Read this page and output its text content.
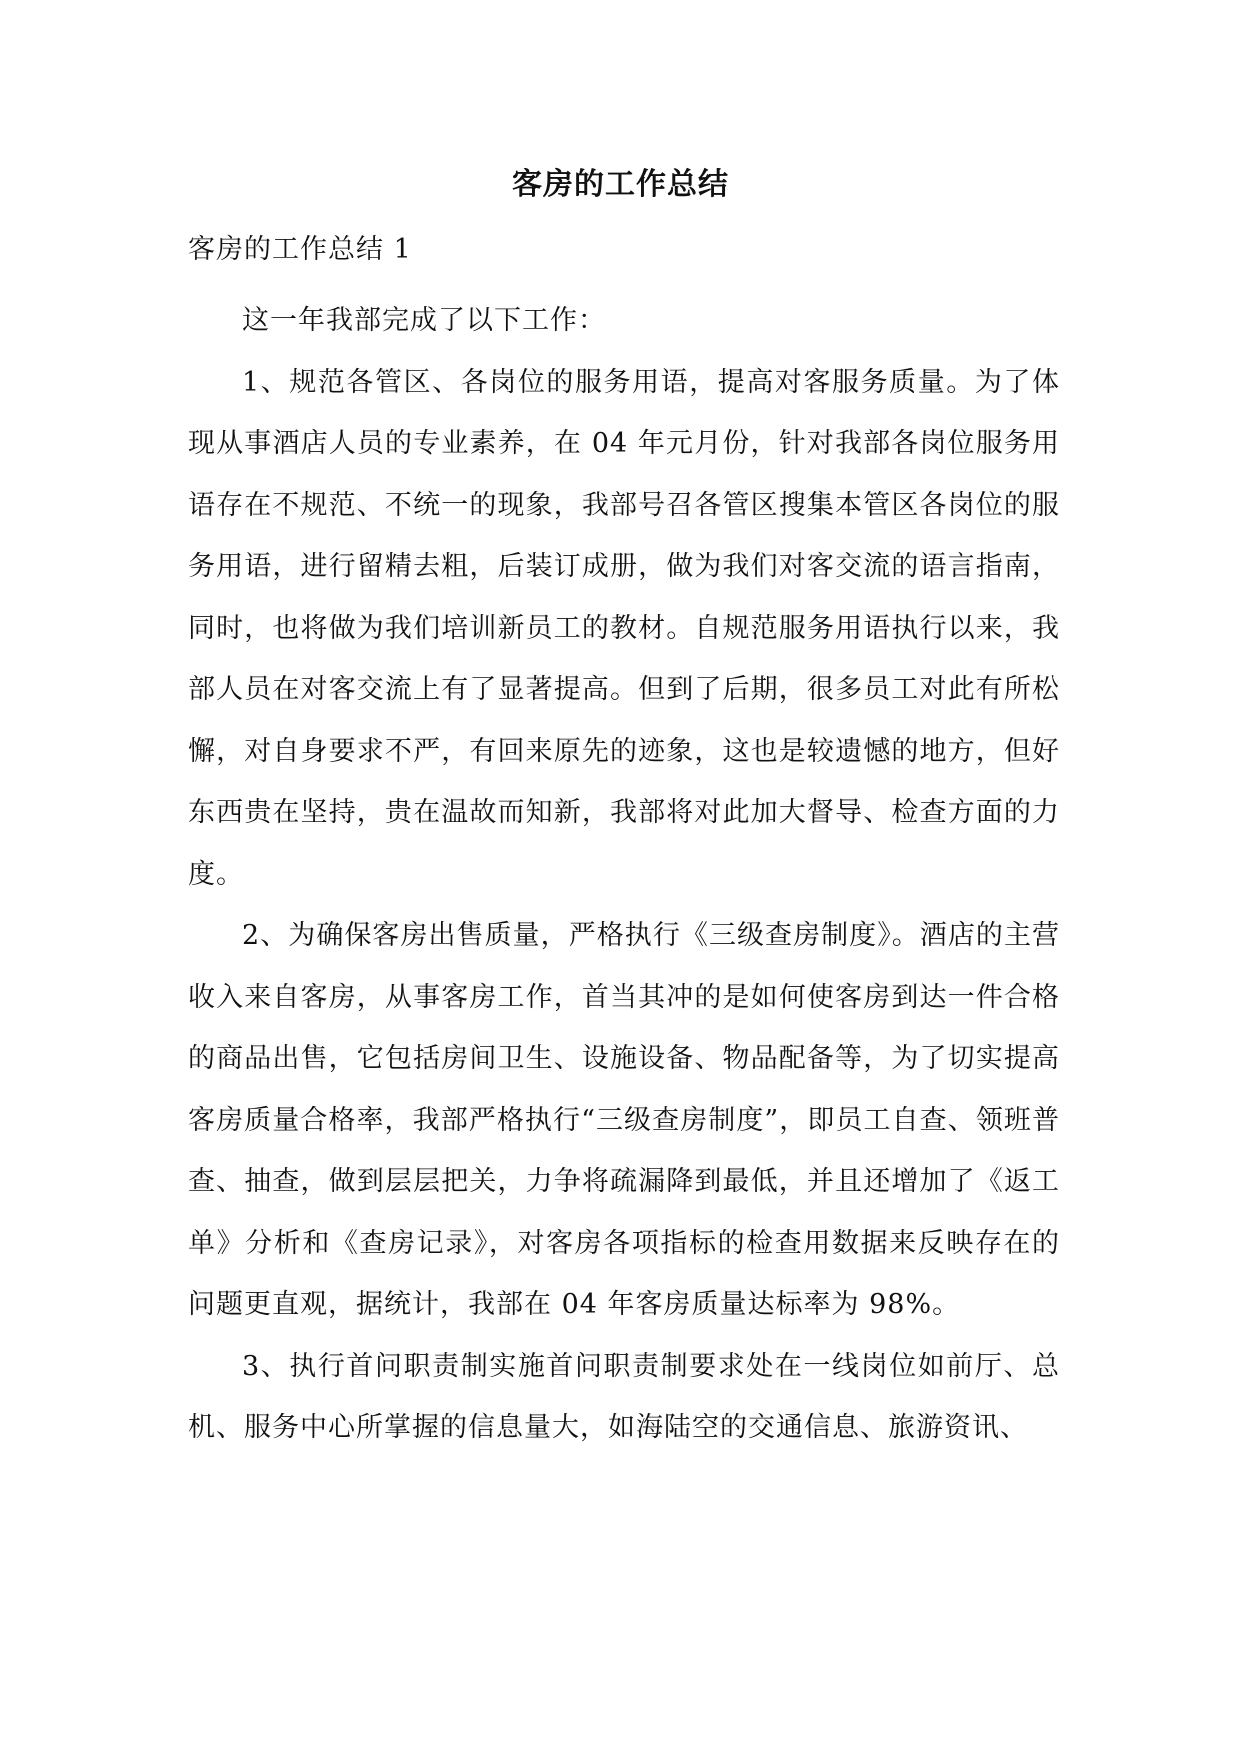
客房的工作总结
客房的工作总结 1

这一年我部完成了以下工作：

1、规范各管区、各岗位的服务用语，提高对客服务质量。为了体现从事酒店人员的专业素养，在 04 年元月份，针对我部各岗位服务用语存在不规范、不统一的现象，我部号召各管区搜集本管区各岗位的服务用语，进行留精去粗，后装订成册，做为我们对客交流的语言指南，同时，也将做为我们培训新员工的教材。自规范服务用语执行以来，我部人员在对客交流上有了显著提高。但到了后期，很多员工对此有所松懈，对自身要求不严，有回来原先的迹象，这也是较遗憾的地方，但好东西贵在坚持，贵在温故而知新，我部将对此加大督导、检查方面的力度。

2、为确保客房出售质量，严格执行《三级查房制度》。酒店的主营收入来自客房，从事客房工作，首当其冲的是如何使客房到达一件合格的商品出售，它包括房间卫生、设施设备、物品配备等，为了切实提高客房质量合格率，我部严格执行“三级查房制度”，即员工自查、领班普查、抽查，做到层层把关，力争将疏漏降到最低，并且还增加了《返工单》分析和《查房记录》，对客房各项指标的检查用数据来反映存在的问题更直观，据统计，我部在 04 年客房质量达标率为 98%。

3、执行首问职责制实施首问职责制要求处在一线岗位如前厅、总机、服务中心所掌握的信息量大，如海陆空的交通信息、旅游资讯、
